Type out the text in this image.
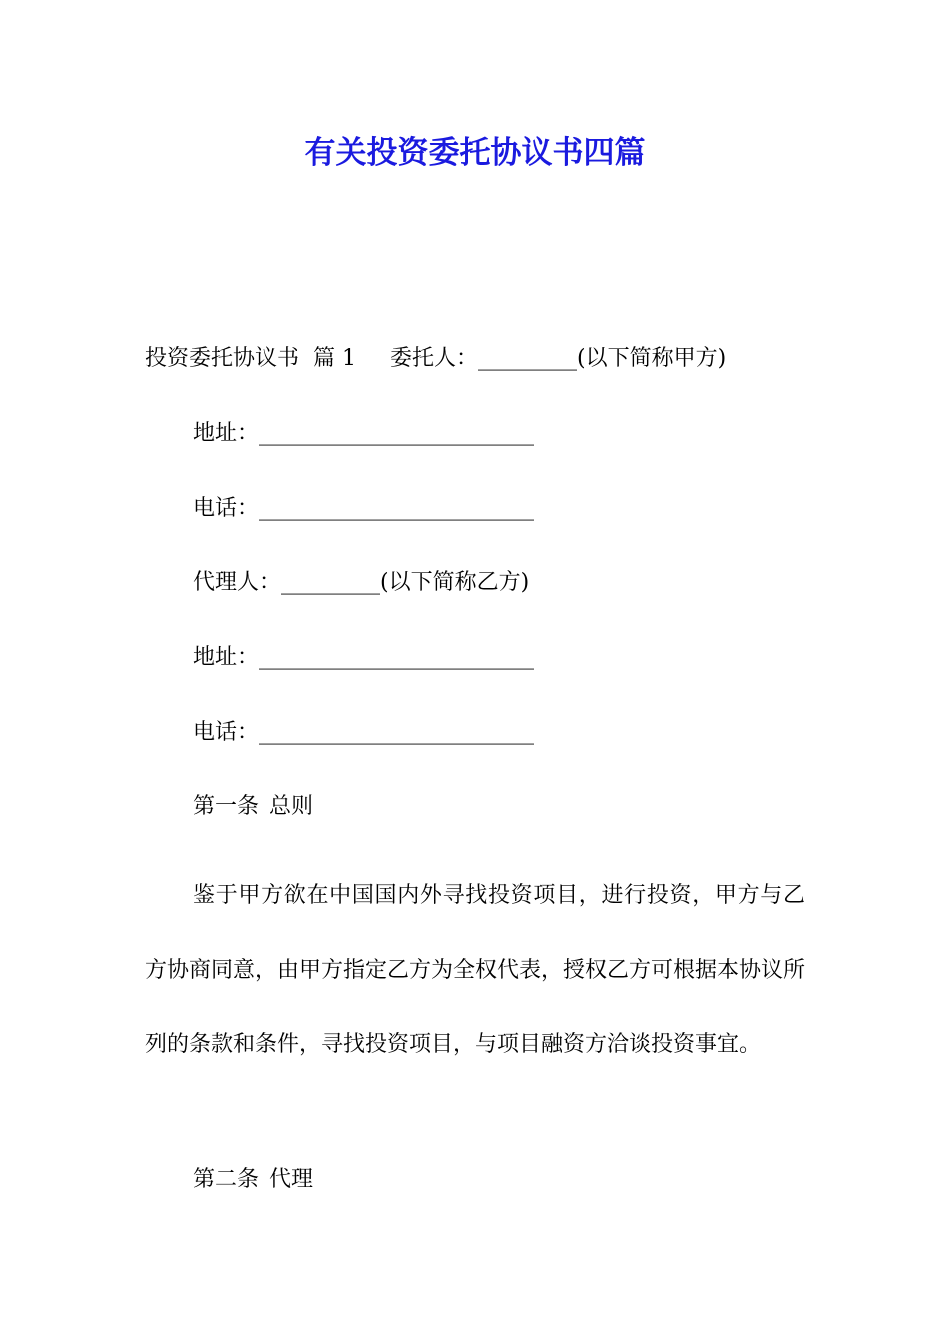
有关投资委托协议书四篇
投资委托协议书  篇 1 委托人：_________(以下简称甲方)
地址：_________________________
电话：_________________________
代理人：_________(以下简称乙方)
地址：_________________________
电话：_________________________
第一条 总则

鉴于甲方欲在中国国内外寻找投资项目，进行投资，甲方与乙方协商同意，由甲方指定乙方为全权代表，授权乙方可根据本协议所列的条款和条件，寻找投资项目，与项目融资方洽谈投资事宜。

第二条 代理
